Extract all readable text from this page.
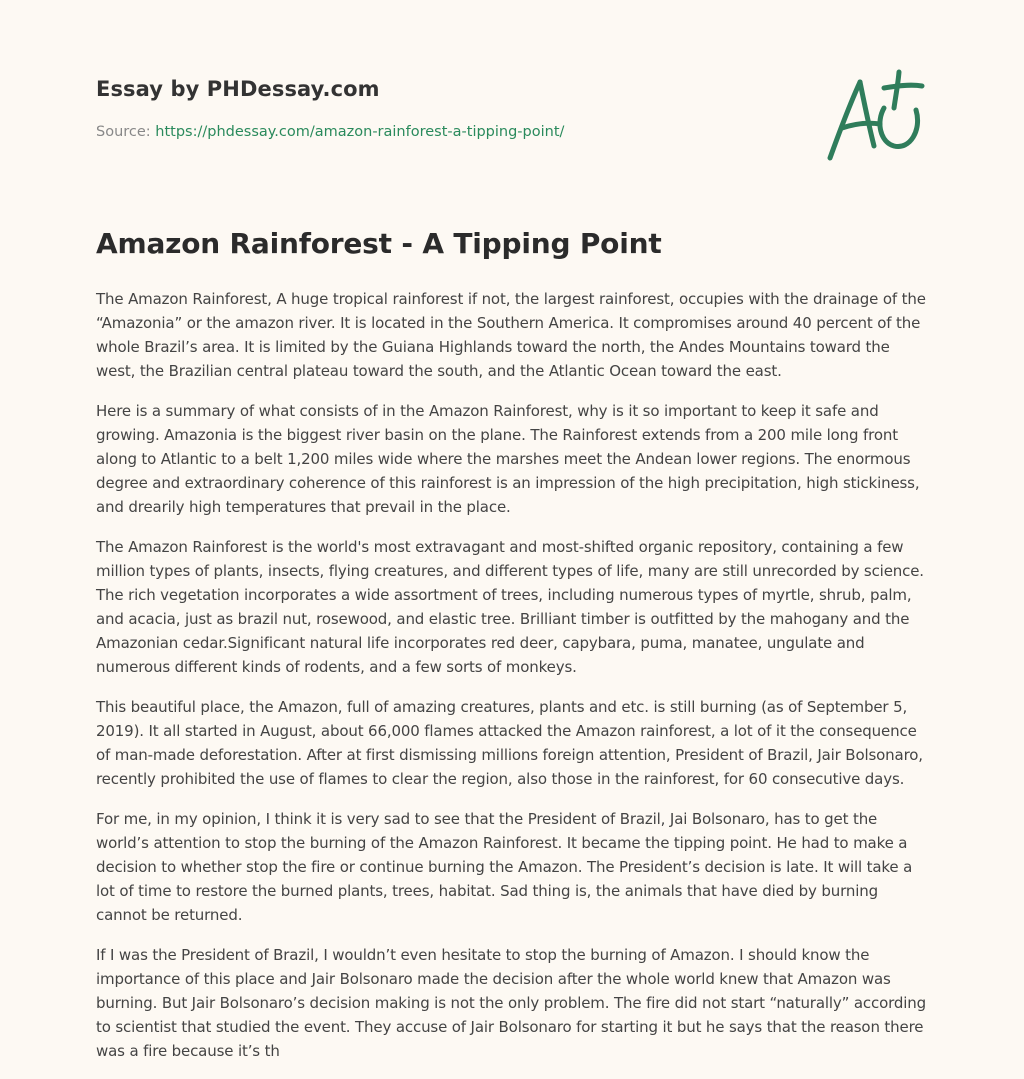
Essay by PHDessay.com
Source: https://phdessay.com/amazon-rainforest-a-tipping-point/
Amazon Rainforest - A Tipping Point

The Amazon Rainforest, A huge tropical rainforest if not, the largest rainforest, occupies with the drainage of the “Amazonia” or the amazon river. It is located in the Southern America. It compromises around 40 percent of the whole Brazil’s area. It is limited by the Guiana Highlands toward the north, the Andes Mountains toward the west, the Brazilian central plateau toward the south, and the Atlantic Ocean toward the east.

Here is a summary of what consists of in the Amazon Rainforest, why is it so important to keep it safe and growing. Amazonia is the biggest river basin on the plane. The Rainforest extends from a 200 mile long front along to Atlantic to a belt 1,200 miles wide where the marshes meet the Andean lower regions. The enormous degree and extraordinary coherence of this rainforest is an impression of the high precipitation, high stickiness, and drearily high temperatures that prevail in the place.

The Amazon Rainforest is the world's most extravagant and most-shifted organic repository, containing a few million types of plants, insects, flying creatures, and different types of life, many are still unrecorded by science. The rich vegetation incorporates a wide assortment of trees, including numerous types of myrtle, shrub, palm, and acacia, just as brazil nut, rosewood, and elastic tree. Brilliant timber is outfitted by the mahogany and the Amazonian cedar.Significant natural life incorporates red deer, capybara, puma, manatee, ungulate and numerous different kinds of rodents, and a few sorts of monkeys.

This beautiful place, the Amazon, full of amazing creatures, plants and etc. is still burning (as of September 5, 2019). It all started in August, about 66,000 flames attacked the Amazon rainforest, a lot of it the consequence of man-made deforestation. After at first dismissing millions foreign attention, President of Brazil, Jair Bolsonaro, recently prohibited the use of flames to clear the region, also those in the rainforest, for 60 consecutive days.

For me, in my opinion, I think it is very sad to see that the President of Brazil, Jai Bolsonaro, has to get the world’s attention to stop the burning of the Amazon Rainforest. It became the tipping point. He had to make a decision to whether stop the fire or continue burning the Amazon. The President’s decision is late. It will take a lot of time to restore the burned plants, trees, habitat. Sad thing is, the animals that have died by burning cannot be returned.

If I was the President of Brazil, I wouldn’t even hesitate to stop the burning of Amazon. I should know the importance of this place and Jair Bolsonaro made the decision after the whole world knew that Amazon was burning. But Jair Bolsonaro’s decision making is not the only problem. The fire did not start “naturally” according to scientist that studied the event. They accuse of Jair Bolsonaro for starting it but he says that the reason there was a fire because it’s th
